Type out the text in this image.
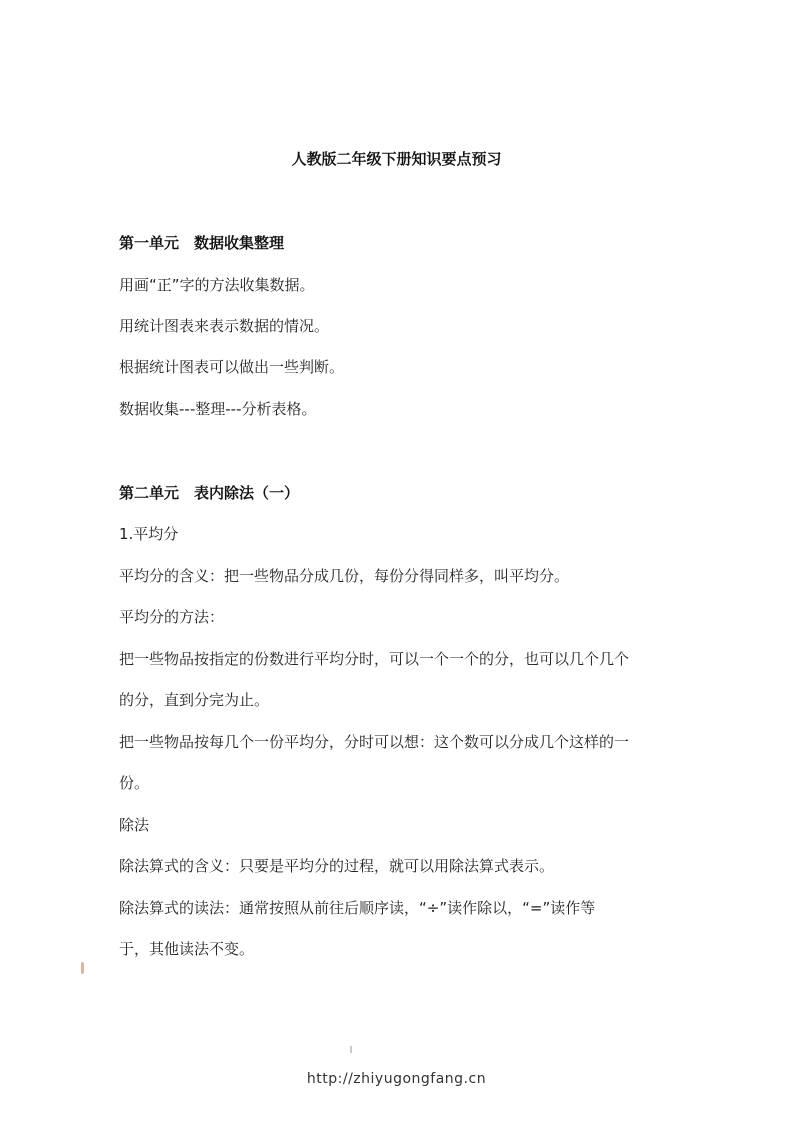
人教版二年级下册知识要点预习
第一单元　数据收集整理
用画“正”字的方法收集数据。
用统计图表来表示数据的情况。
根据统计图表可以做出一些判断。
数据收集---整理---分析表格。
第二单元　表内除法（一）
1.平均分
平均分的含义：把一些物品分成几份，每份分得同样多，叫平均分。
平均分的方法：
把一些物品按指定的份数进行平均分时，可以一个一个的分，也可以几个几个
的分，直到分完为止。
把一些物品按每几个一份平均分，分时可以想：这个数可以分成几个这样的一
份。
除法
除法算式的含义：只要是平均分的过程，就可以用除法算式表示。
除法算式的读法：通常按照从前往后顺序读，“÷”读作除以，“=”读作等
于，其他读法不变。
http://zhiyugongfang.cn
